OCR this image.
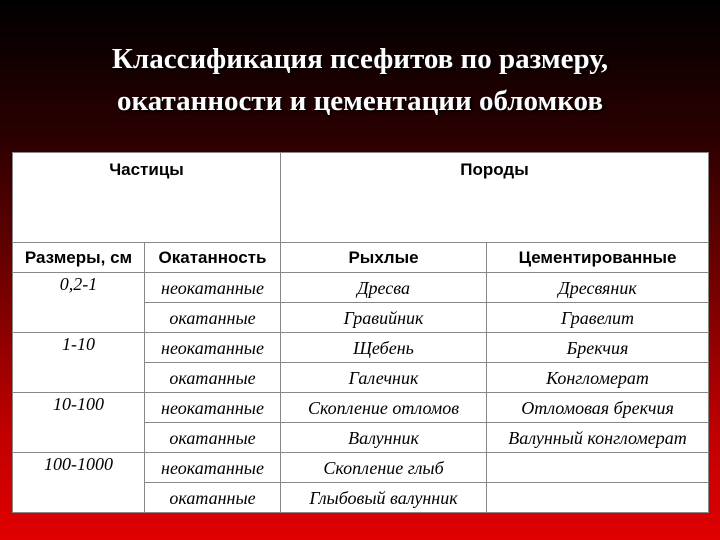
Классификация псефитов по размеру,
окатанности и цементации обломков
Частицы		Породы	
Размеры, см	Окатанность	Рыхлые	Цементированные
0,2-1	неокатанные	Дресва	Дресвяник
	окатанные	Гравийник	Гравелит
1-10	неокатанные	Щебень	Брекчия
	окатанные	Галечник	Конгломерат
10-100	неокатанные	Скопление отломов	Отломовая брекчия
	окатанные	Валунник	Валунный конгломерат
100-1000	неокатанные	Скопление глыб	
	окатанные	Глыбовый валунник	
